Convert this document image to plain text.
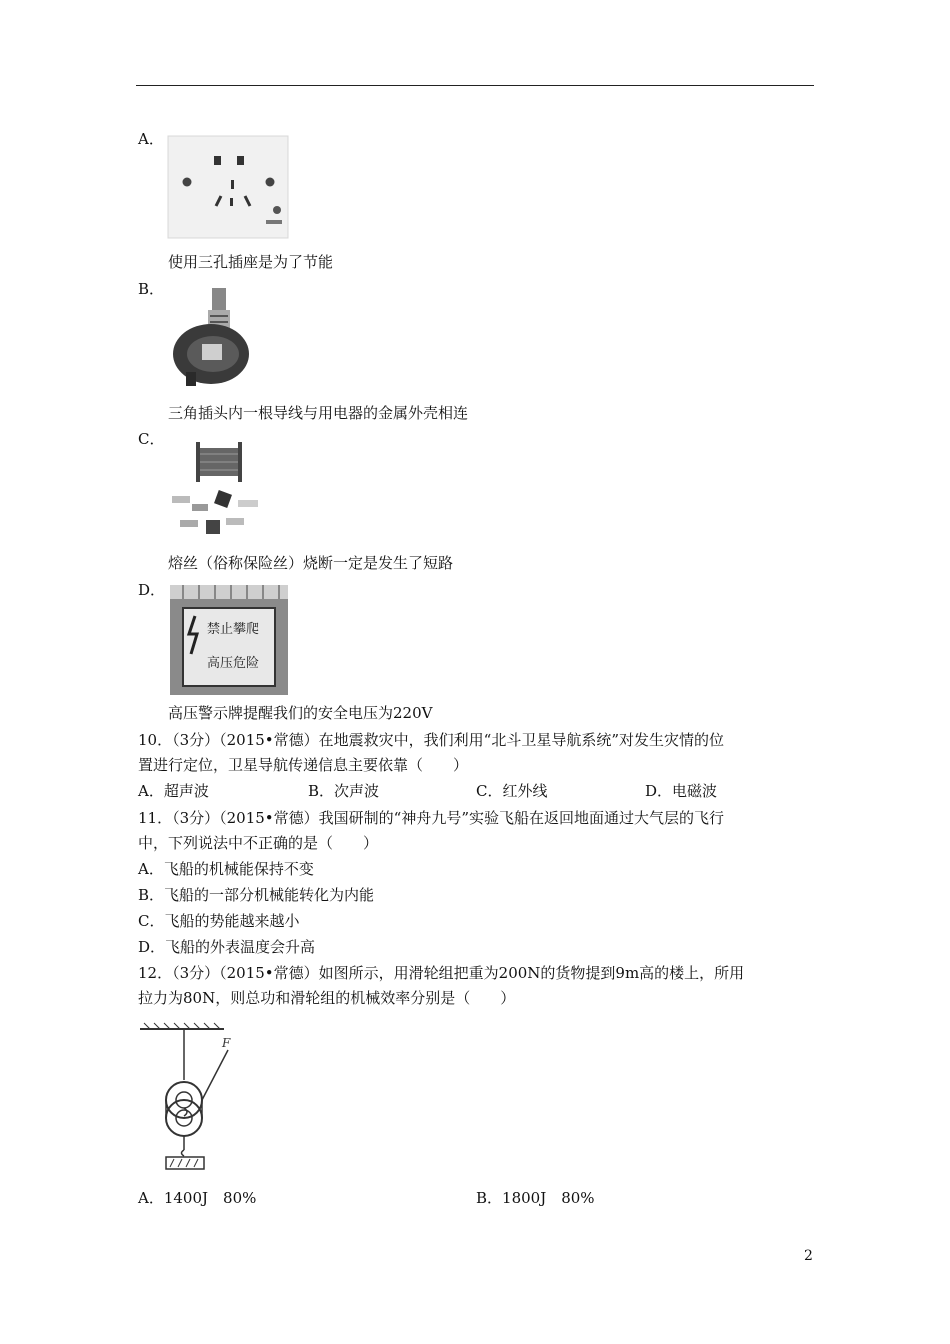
A．
使用三孔插座是为了节能
B．
三角插头内一根导线与用电器的金属外壳相连
C．
熔丝（俗称保险丝）烧断一定是发生了短路
D．
禁止攀爬
高压危险
高压警示牌提醒我们的安全电压为220V
10．（3分）（2015•常德）在地震救灾中，我们利用“北斗卫星导航系统”对发生灾情的位
置进行定位，卫星导航传递信息主要依靠（　　）
A．超声波	B．次声波	C．红外线	D．电磁波
11．（3分）（2015•常德）我国研制的“神舟九号”实验飞船在返回地面通过大气层的飞行
中，下列说法中不正确的是（　　）
A．飞船的机械能保持不变
B．飞船的一部分机械能转化为内能
C．飞船的势能越来越小
D．飞船的外表温度会升高
12．（3分）（2015•常德）如图所示，用滑轮组把重为200N的货物提到9m高的楼上，所用
拉力为80N，则总功和滑轮组的机械效率分别是（　　）
F
A．1400J　80%	B．1800J　80%
2
